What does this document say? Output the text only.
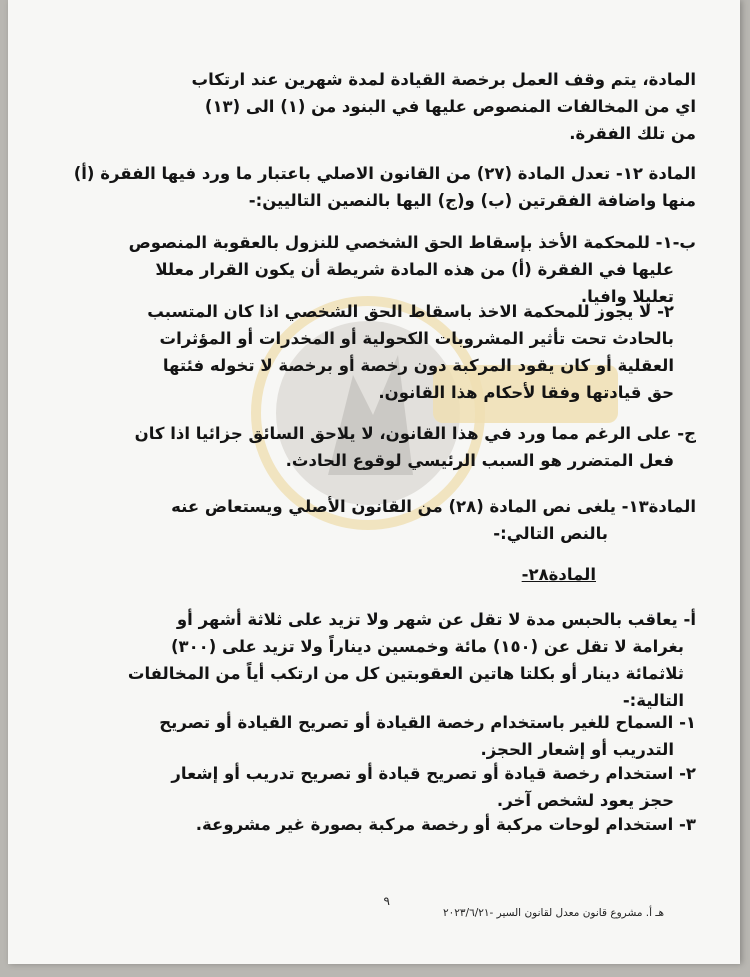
المادة، يتم وقف العمل برخصة القيادة لمدة شهرين عند ارتكاب
اي من المخالفات المنصوص عليها في البنود من (١) الى (١٣)
من تلك الفقرة.
المادة ١٢- تعدل المادة (٢٧) من القانون الاصلي باعتبار ما ورد فيها الفقرة (أ)
منها واضافة الفقرتين (ب) و(ج) اليها بالنصين التاليين:-
ب-١- للمحكمة الأخذ بإسقاط الحق الشخصي للنزول بالعقوبة المنصوص
عليها في الفقرة (أ) من هذه المادة شريطة أن يكون القرار معللا
تعليلا وافيا.
٢- لا يجوز للمحكمة الاخذ باسقاط الحق الشخصي اذا كان المتسبب
بالحادث تحت تأثير المشروبات الكحولية أو المخدرات أو المؤثرات
العقلية أو كان يقود المركبة دون رخصة أو برخصة لا تخوله فئتها
حق قيادتها وفقا لأحكام هذا القانون.
ج- على الرغم مما ورد في هذا القانون، لا يلاحق السائق جزائيا اذا كان
فعل المتضرر هو السبب الرئيسي لوقوع الحادث.
المادة١٣- يلغى نص المادة (٢٨) من القانون الأصلي ويستعاض عنه
بالنص التالي:-
المادة٢٨-
أ- يعاقب بالحبس مدة لا تقل عن شهر ولا تزيد على ثلاثة أشهر أو
بغرامة لا تقل عن (١٥٠) مائة وخمسين ديناراً ولا تزيد على (٣٠٠)
ثلاثمائة دينار أو بكلتا هاتين العقوبتين كل من ارتكب أياً من المخالفات
التالية:-
١- السماح للغير باستخدام رخصة القيادة أو تصريح القيادة أو تصريح
التدريب أو إشعار الحجز.
٢- استخدام رخصة قيادة أو تصريح قيادة أو تصريح تدريب أو إشعار
حجز يعود لشخص آخر.
٣- استخدام لوحات مركبة أو رخصة مركبة بصورة غير مشروعة.
٩
هـ أ. مشروع قانون معدل لقانون السير -٢٠٢٣/٦/٢١
